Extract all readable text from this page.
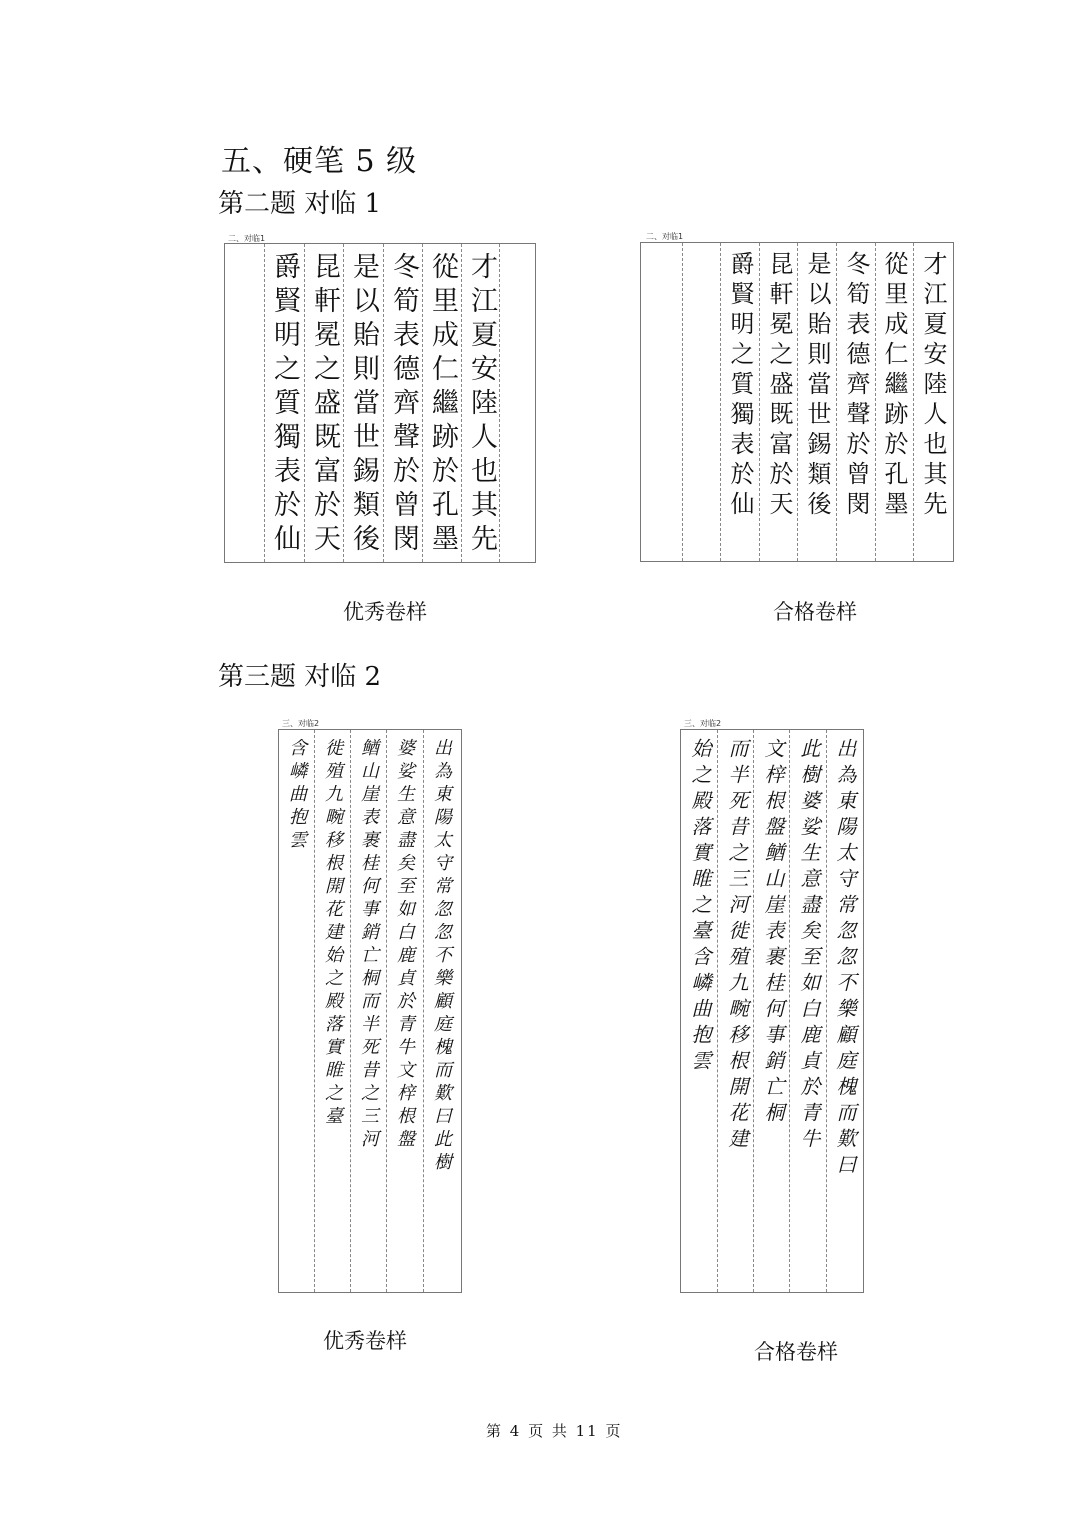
五、硬笔 5 级
第二题 对临 1
二、对临1
才江夏安陸人也其先
從里成仁繼跡於孔墨
冬筍表德齊聲於曾閔
是以貽則當世錫類後
昆軒冕之盛既富於天
爵賢明之質獨表於仙
二、对临1
才江夏安陸人也其先
從里成仁繼跡於孔墨
冬筍表德齊聲於曾閔
是以貽則當世錫類後
昆軒冕之盛既富於天
爵賢明之質獨表於仙
优秀卷样	合格卷样
第三题 对临 2
三、对临2
出為東陽太守常忽忽不樂顧庭槐而歎曰此樹
婆娑生意盡矣至如白鹿貞於青牛文梓根盤
䲡山崖表裹桂何事銷亡桐而半死昔之三河
徙殖九畹移根開花建始之殿落實睢之臺
含嶙曲抱雲
三、对临2
出為東陽太守常忽忽不樂顧庭槐而歎曰
此樹婆娑生意盡矣至如白鹿貞於青牛
文梓根盤䲡山崖表裹桂何事銷亡桐
而半死昔之三河徙殖九畹移根開花建
始之殿落實睢之臺含嶙曲抱雲
优秀卷样	合格卷样
第 4 页 共 11 页
